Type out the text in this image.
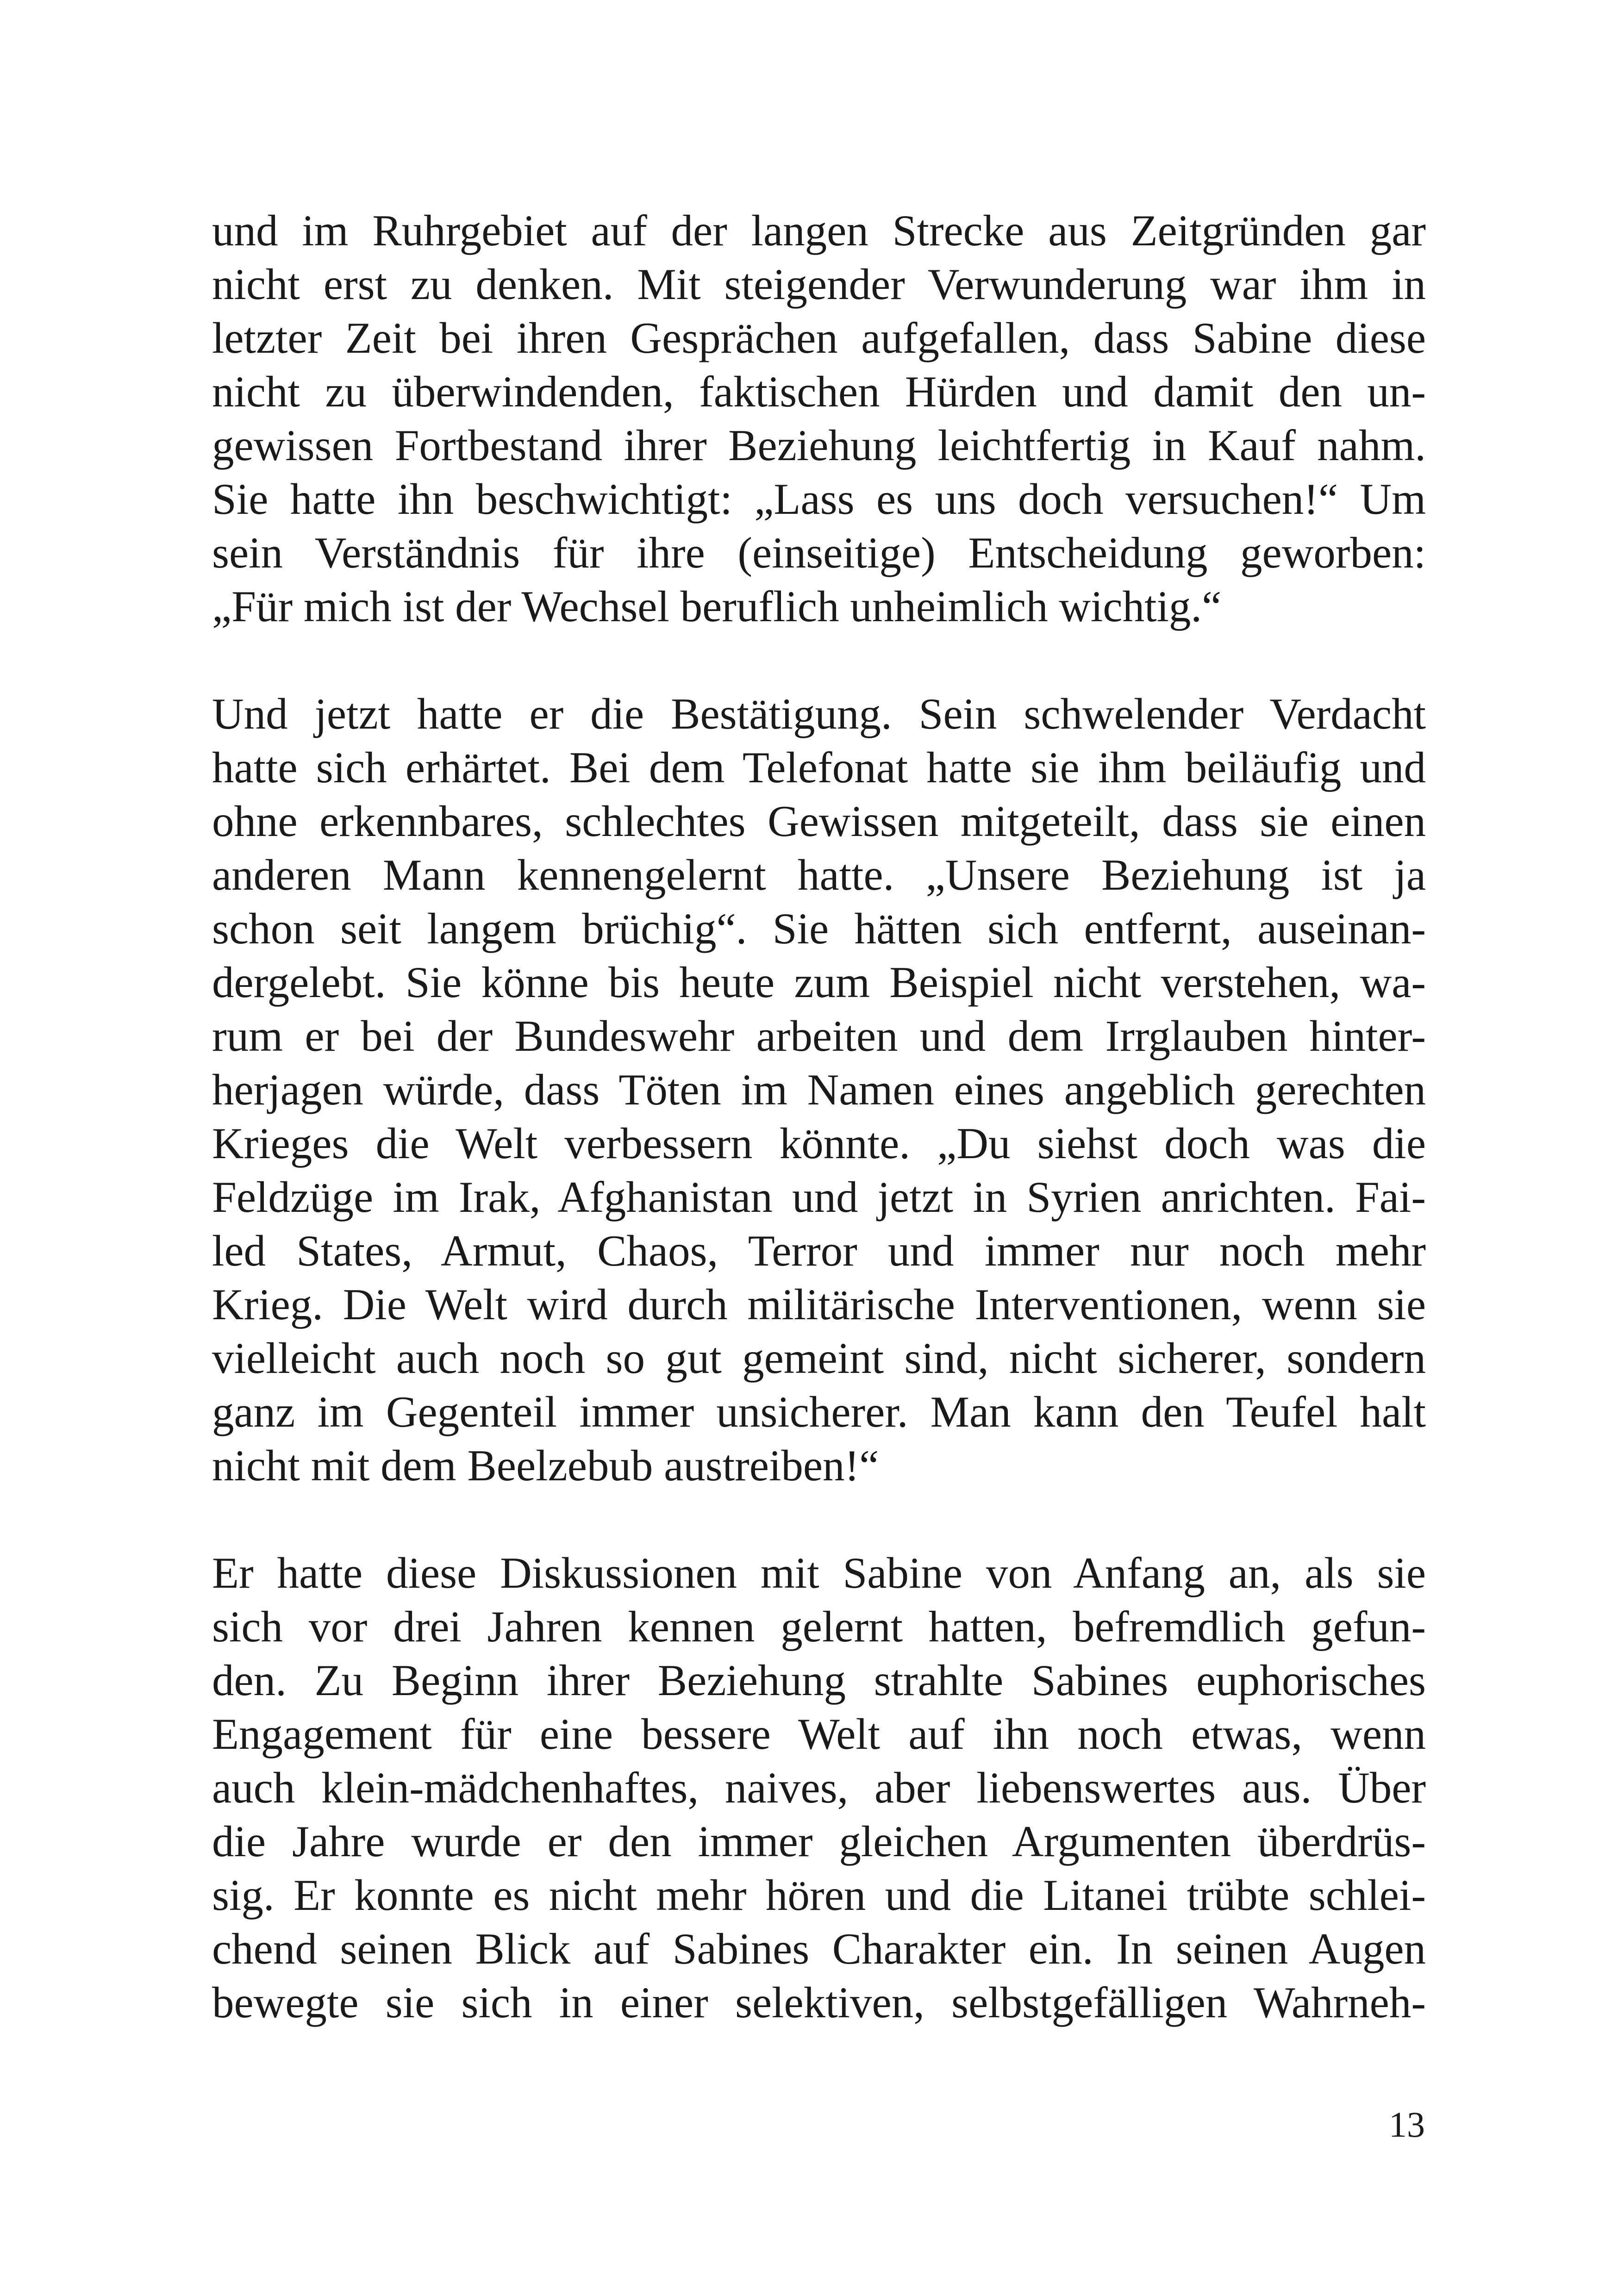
und im Ruhrgebiet auf der langen Strecke aus Zeitgründen gar
nicht erst zu denken. Mit steigender Verwunderung war ihm in
letzter Zeit bei ihren Gesprächen aufgefallen, dass Sabine diese
nicht zu überwindenden, faktischen Hürden und damit den un-
gewissen Fortbestand ihrer Beziehung leichtfertig in Kauf nahm.
Sie hatte ihn beschwichtigt: „Lass es uns doch versuchen!“ Um
sein Verständnis für ihre (einseitige) Entscheidung geworben:
„Für mich ist der Wechsel beruflich unheimlich wichtig.“
Und jetzt hatte er die Bestätigung. Sein schwelender Verdacht
hatte sich erhärtet. Bei dem Telefonat hatte sie ihm beiläufig und
ohne erkennbares, schlechtes Gewissen mitgeteilt, dass sie einen
anderen Mann kennengelernt hatte. „Unsere Beziehung ist ja
schon seit langem brüchig“. Sie hätten sich entfernt, auseinan-
dergelebt. Sie könne bis heute zum Beispiel nicht verstehen, wa-
rum er bei der Bundeswehr arbeiten und dem Irrglauben hinter-
herjagen würde, dass Töten im Namen eines angeblich gerechten
Krieges die Welt verbessern könnte. „Du siehst doch was die
Feldzüge im Irak, Afghanistan und jetzt in Syrien anrichten. Fai-
led States, Armut, Chaos, Terror und immer nur noch mehr
Krieg. Die Welt wird durch militärische Interventionen, wenn sie
vielleicht auch noch so gut gemeint sind, nicht sicherer, sondern
ganz im Gegenteil immer unsicherer. Man kann den Teufel halt
nicht mit dem Beelzebub austreiben!“
Er hatte diese Diskussionen mit Sabine von Anfang an, als sie
sich vor drei Jahren kennen gelernt hatten, befremdlich gefun-
den. Zu Beginn ihrer Beziehung strahlte Sabines euphorisches
Engagement für eine bessere Welt auf ihn noch etwas, wenn
auch klein-mädchenhaftes, naives, aber liebenswertes aus. Über
die Jahre wurde er den immer gleichen Argumenten überdrüs-
sig. Er konnte es nicht mehr hören und die Litanei trübte schlei-
chend seinen Blick auf Sabines Charakter ein. In seinen Augen
bewegte sie sich in einer selektiven, selbstgefälligen Wahrneh-
13
